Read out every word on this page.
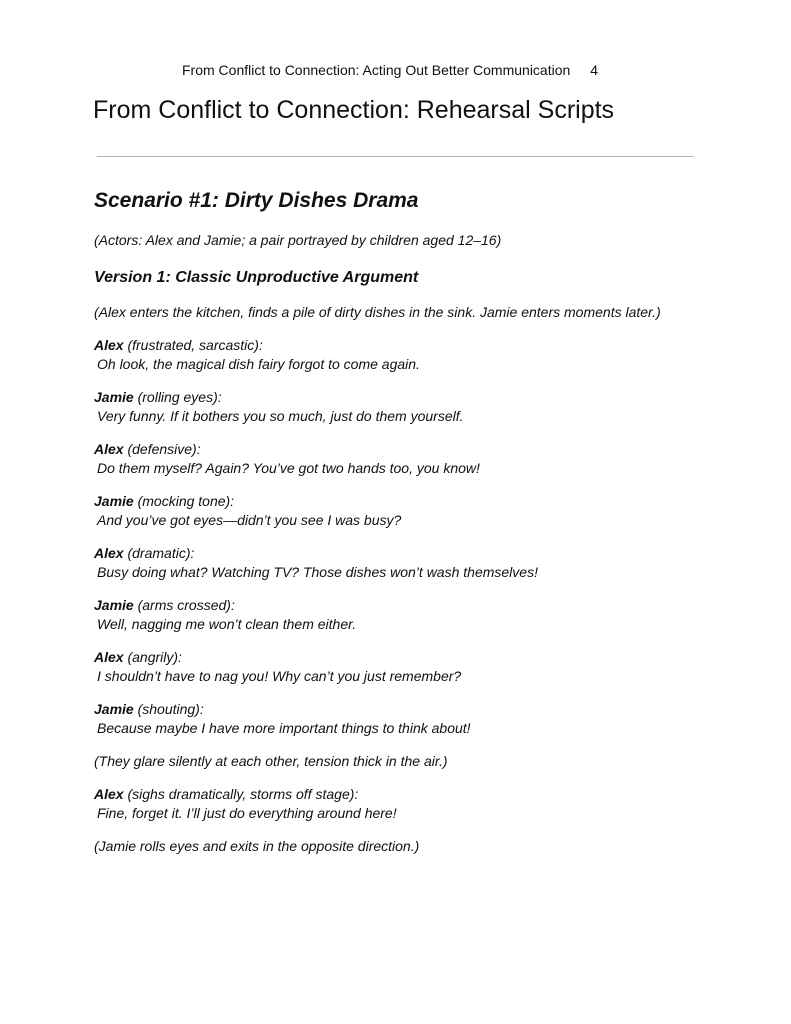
From Conflict to Connection: Acting Out Better Communication 4
From Conflict to Connection: Rehearsal Scripts
Scenario #1: Dirty Dishes Drama

(Actors: Alex and Jamie; a pair portrayed by children aged 12–16)

Version 1: Classic Unproductive Argument

(Alex enters the kitchen, finds a pile of dirty dishes in the sink. Jamie enters moments later.)

Alex (frustrated, sarcastic):
Oh look, the magical dish fairy forgot to come again.
Jamie (rolling eyes):
Very funny. If it bothers you so much, just do them yourself.
Alex (defensive):
Do them myself? Again? You’ve got two hands too, you know!
Jamie (mocking tone):
And you’ve got eyes—didn’t you see I was busy?
Alex (dramatic):
Busy doing what? Watching TV? Those dishes won’t wash themselves!
Jamie (arms crossed):
Well, nagging me won’t clean them either.
Alex (angrily):
I shouldn’t have to nag you! Why can’t you just remember?
Jamie (shouting):
Because maybe I have more important things to think about!

(They glare silently at each other, tension thick in the air.)

Alex (sighs dramatically, storms off stage):
Fine, forget it. I’ll just do everything around here!

(Jamie rolls eyes and exits in the opposite direction.)
